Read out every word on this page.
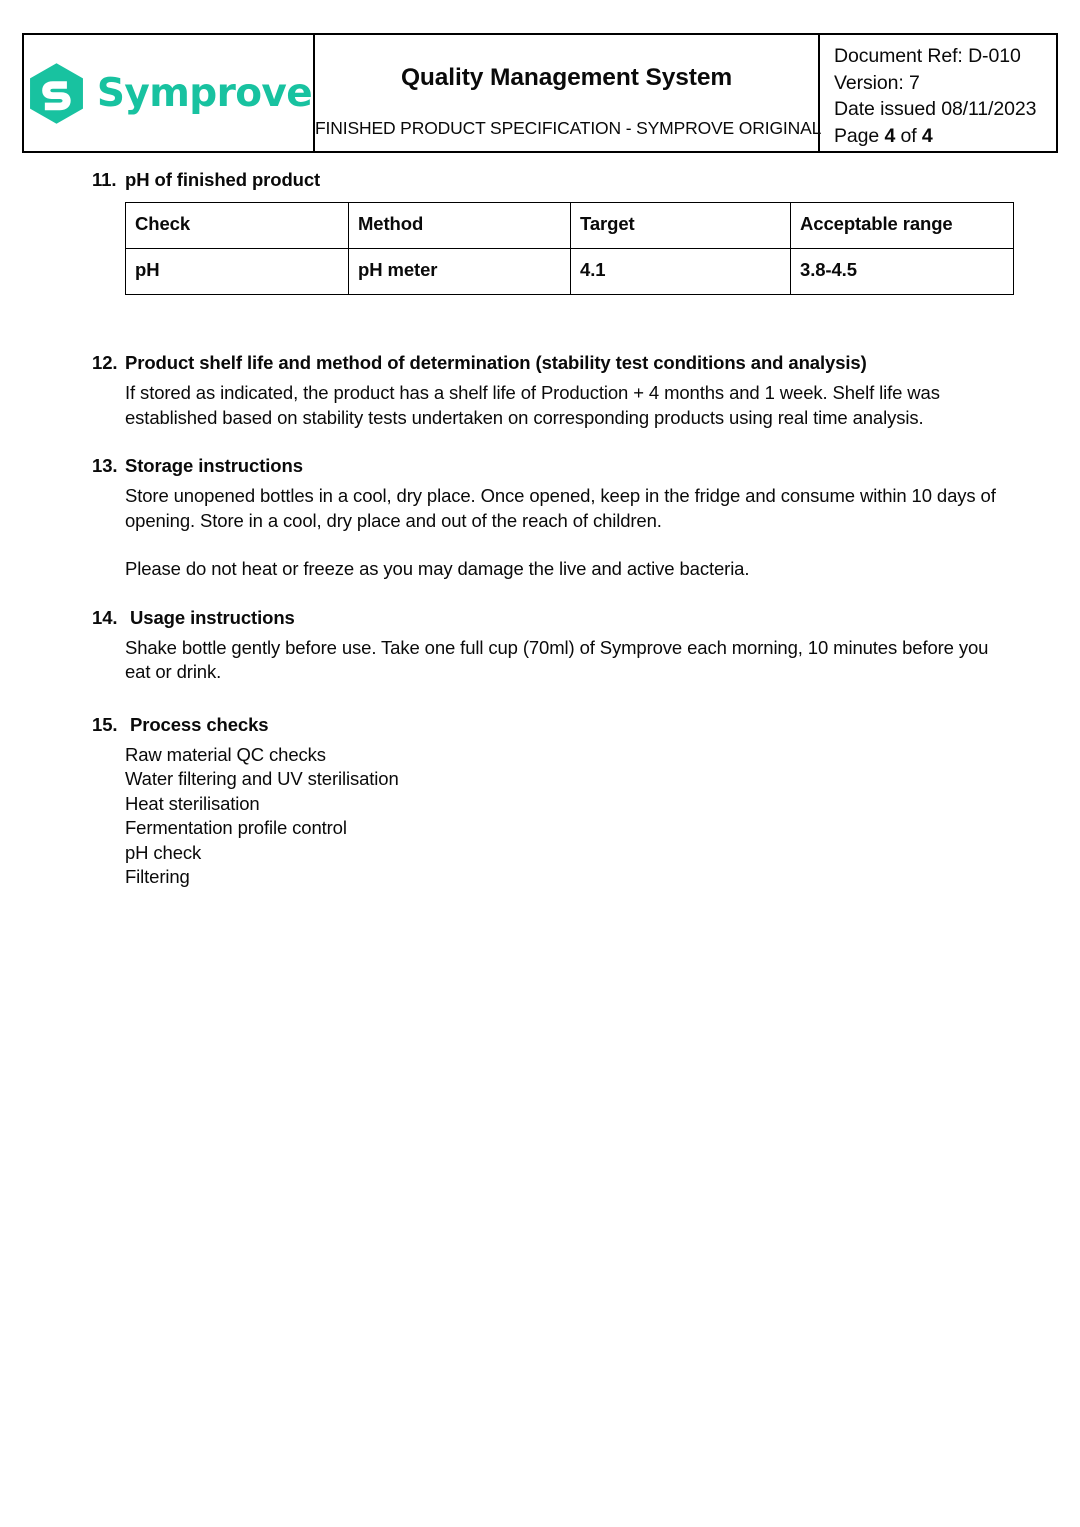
Symprove	Quality Management System
FINISHED PRODUCT SPECIFICATION - SYMPROVE ORIGINAL
Document Ref: D-010
Version: 7
Date issued 08/11/2023
Page 4 of 4
11. pH of finished product
Check	Method	Target	Acceptable range
pH	pH meter	4.1	3.8-4.5
12. Product shelf life and method of determination (stability test conditions and analysis)

If stored as indicated, the product has a shelf life of Production + 4 months and 1 week. Shelf life was established based on stability tests undertaken on corresponding products using real time analysis.

13. Storage instructions

Store unopened bottles in a cool, dry place. Once opened, keep in the fridge and consume within 10 days of opening. Store in a cool, dry place and out of the reach of children.

Please do not heat or freeze as you may damage the live and active bacteria.

14. Usage instructions

Shake bottle gently before use. Take one full cup (70ml) of Symprove each morning, 10 minutes before you eat or drink.

15. Process checks
Raw material QC checks
Water filtering and UV sterilisation
Heat sterilisation
Fermentation profile control
pH check
Filtering
